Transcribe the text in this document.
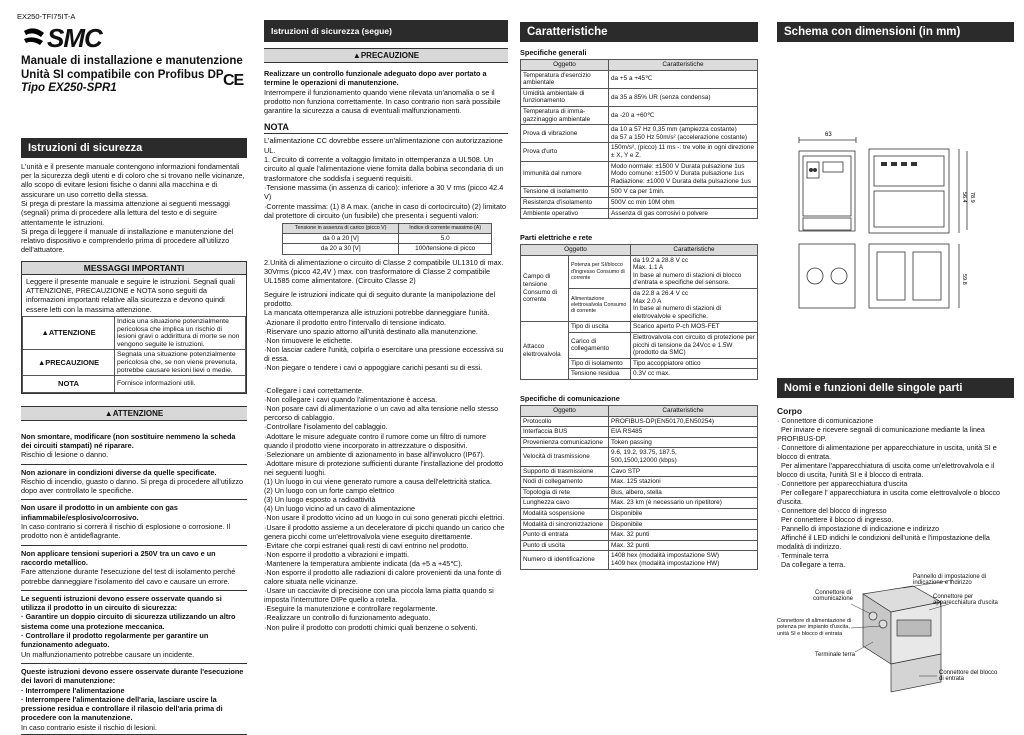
EX250-TFI75IT-A
SMC
Manuale di installazione e manutenzione
Unità SI compatibile con Profibus DP
Tipo EX250-SPR1	CE
Istruzioni di sicurezza

L'unità e il presente manuale contengono informazioni fondamentali per la sicurezza degli utenti e di coloro che si trovano nelle vicinanze, allo scopo di evitare lesioni fisiche o danni alla macchina e di assicurare un uso corretto della stessa.

Si prega di prestare la massima attenzione ai seguenti messaggi (segnali) prima di procedere alla lettura del testo e di seguire attentamente le istruzioni.

Si prega di leggere il manuale di installazione e manutenzione del relativo dispositivo e comprenderlo prima di procedere all'utilizzo dell'attuatore.

MESSAGGI IMPORTANTI

Leggere il presente manuale e seguire le istruzioni. Segnali quali ATTENZIONE, PRECAUZIONE e NOTA sono seguiti da informazioni importanti relative alla sicurezza e devono quindi essere letti con la massima attenzione.

▲ATTENZIONE	Indica una situazione potenzialmente pericolosa che implica un rischio di lesioni gravi o addirittura di morte se non vengono seguite le istruzioni.
▲PRECAUZIONE	Segnala una situazione potenzialmente pericolosa che, se non viene prevenuta, potrebbe causare lesioni lievi o medie.
NOTA	Fornisce informazioni utili.
▲ATTENZIONE

Non smontare, modificare (non sostituire nemmeno la scheda dei circuiti stampati) né riparare.

Rischio di lesione o danno.

Non azionare in condizioni diverse da quelle specificate.

Rischio di incendio, guasto o danno. Si prega di procedere all'utilizzo dopo aver controllato le specifiche.

Non usare il prodotto in un ambiente con gas infiammabile/esplosivo/corrosivo.

In caso contrario si correrà il rischio di esplosione o corrosione. Il prodotto non è antideflagrante.

Non applicare tensioni superiori a 250V tra un cavo e un raccordo metallico.

Fare attenzione durante l'esecuzione del test di isolamento perché potrebbe danneggiare l'isolamento del cavo e causare un errore.

Le seguenti istruzioni devono essere osservate quando si utilizza il prodotto in un circuito di sicurezza:

· Garantire un doppio circuito di sicurezza utilizzando un altro sistema come una protezione meccanica.

· Controllare il prodotto regolarmente per garantire un funzionamento adeguato.

Un malfunzionamento potrebbe causare un incidente.

Queste istruzioni devono essere osservate durante l'esecuzione dei lavori di manutenzione:

· Interrompere l'alimentazione

· Interrompere l'alimentazione dell'aria, lasciare uscire la pressione residua e controllare il rilascio dell'aria prima di procedere con la manutenzione.

In caso contrario esiste il rischio di lesioni.

Istruzioni di sicurezza (segue)
▲PRECAUZIONE

Realizzare un controllo funzionale adeguato dopo aver portato a termine le operazioni di manutenzione.

Interrompere il funzionamento quando viene rilevata un'anomalia o se il prodotto non funziona correttamente. In caso contrario non sarà possibile garantire la sicurezza a causa di eventuali malfunzionamenti.

NOTA

L'alimentazione CC dovrebbe essere un'alimentazione con autorizzazione UL.

1. Circuito di corrente a voltaggio limitato in ottemperanza a UL508. Un circuito al quale l'alimentazione viene fornita dalla bobina secondaria di un trasformatore che soddisfa i seguenti requisiti.

·Tensione massima (in assenza di carico): inferiore a 30 V rms (picco 42.4 V)

·Corrente massima: (1) 8 A max. (anche in caso di cortocircuito) (2) limitato dal protettore di circuito (un fusibile) che presenta i seguenti valori:

Tensione in assenza di carico (picco V)	Indice di corrente massimo (A)
da 0 a 20 [V]	5.0
da 20 a 30 [V]	100/tensione di picco

2.Unità di alimentazione o circuito di Classe 2 compatibile UL1310 di max. 30Vrms (picco 42,4V ) max. con trasformatore di Classe 2 compatibile UL1585 come alimentatore. (Circuito Classe 2)

Seguire le istruzioni indicate qui di seguito durante la manipolazione del prodotto.

La mancata ottemperanza alle istruzioni potrebbe danneggiare l'unità.

·Azionare il prodotto entro l'intervallo di tensione indicato.
·Riservare uno spazio attorno all'unità destinato alla manutenzione.
·Non rimuovere le etichette.
·Non lasciar cadere l'unità, colpirla o esercitare una pressione eccessiva su di essa.
·Non piegare o tendere i cavi o appoggiare carichi pesanti su di essi.
·Collegare i cavi correttamente.
·Non collegare i cavi quando l'alimentazione è accesa.
·Non posare cavi di alimentazione o un cavo ad alta tensione nello stesso percorso di cablaggio.
·Controllare l'isolamento del cablaggio.
·Adottare le misure adeguate contro il rumore come un filtro di rumore quando il prodotto viene incorporato in attrezzature o dispositivi.
·Selezionare un ambiente di azionamento in base all'involucro (IP67).
·Adottare misure di protezione sufficienti durante l'installazione del prodotto nei seguenti luoghi.
(1) Un luogo in cui viene generato rumore a causa dell'elettricità statica.
(2) Un luogo con un forte campo elettrico
(3) Un luogo esposto a radioattività
(4) Un luogo vicino ad un cavo di alimentazione
·Non usare il prodotto vicino ad un luogo in cui sono generati picchi elettrici.
·Usare il prodotto assieme a un deceleratore di picchi quando un carico che genera picchi come un'elettrovalvola viene eseguito direttamente.
·Evitare che corpi estranei quali resti di cavi entrino nel prodotto.
·Non esporre il prodotto a vibrazioni e impatti.
·Mantenere la temperatura ambiente indicata (da +5 a +45℃).
·Non esporre il prodotto alle radiazioni di calore provenienti da una fonte di calore situata nelle vicinanze.
·Usare un cacciavite di precisione con una piccola lama piatta quando si imposta l'interruttore DIPe quello a rotella.
·Eseguire la manutenzione e controllare regolarmente.
·Realizzare un controllo di funzionamento adeguato.
·Non pulire il prodotto con prodotti chimici quali benzene o solventi.
Caratteristiche
Specifiche generali
Oggetto	Caratteristiche
Temperatura d'esercizio ambientale	da +5 a +45℃
Umidità ambientale di funzionamento	da 35 a 85% UR (senza condensa)
Temperatura di imma-gazzinaggio ambientale	da -20 a +60℃
Prova di vibrazione	da 10 a 57 Hz 0,35 mm (ampiezza costante)
da 57 a 150 Hz 50m/s² (accelerazione costante)
Prova d'urto	150m/s², (picco) 11 ms -: tre volte in ogni direzione ± X, Y e Z.
Immunità dal rumore	Modo normale: ±1500 V Durata pulsazione 1us
Modo comune: ±1500 V Durata pulsazione 1us
Radiazione: ±1000 V Durata della pulsazione 1us
Tensione di isolamento	500 V ca per 1min.
Resistenza d'isolamento	500V cc min 10M ohm
Ambiente operativo	Assenza di gas corrosivi o polvere
Parti elettriche e rete
Oggetto		Caratteristiche
Campo di tensione Consumo di corrente	Potenza per SI/blocco d'ingresso Consumo di corrente	da 19.2 a 28.8 V cc
Max. 1.1 A
In base al numero di stazioni di blocco d'entrata e specifiche del sensore.
	Alimentazione elettrovalvola Consumo di corrente	da 22.8 a 26.4 V cc
Max 2.0 A
In base al numero di stazioni di elettrovalvole e specifiche.
Attacco elettrovalvola	Tipo di uscita	Scarico aperto P-ch MOS-FET
	Carico di collegamento	Elettrovalvola con circuito di protezione per picchi di tensione da 24Vcc e 1.5W (prodotto da SMC)
	Tipo di isolamento	Tipo accoppiatore ottico
	Tensione residua	0.3V cc max.
Specifiche di comunicazione
Oggetto	Caratteristiche
Protocollo	PROFIBUS-DP(EN50170,EN50254)
Interfaccia BUS	EIA RS485
Provenienza comunicazione	Token passing
Velocità di trasmissione	9.6, 19.2, 93.75, 187.5,
500,1500,12000 (kbps)
Supporto di trasmissione	Cavo STP
Nodi di collegamento	Max. 125 stazioni
Topologia di rete	Bus, albero, stella
Lunghezza cavo	Max. 23 km (è necessario un ripetitore)
Modalità sospensione	Disponibile
Modalità di sincronizzazione	Disponibile
Punto di entrata	Max. 32 punti
Punto di uscita	Max. 32 punti
Numero di identificazione	1408 hex (modalità impostazione SW)
1409 hex (modalità impostazione HW)
Schema con dimensioni (in mm)
63
56.4 78.9
59.8
Nomi e funzioni delle singole parti
Corpo

· Connettore di comunicazione

Per inviare e ricevere segnali di comunicazione mediante la linea PROFIBUS-DP.

· Connettore di alimentazione per apparecchiature in uscita, unità SI e blocco di entrata.

Per alimentare l'apparecchiatura di uscita come un'elettrovalvola e il blocco di uscita, l'unità SI e il blocco di entrata.

· Connettore per apparecchiatura d'uscita

Per collegare l' apparecchiatura in uscita come elettrovalvole o blocco d'uscita.

· Connettore del blocco di ingresso

Per connettere il blocco di ingresso.

· Pannello di impostazione di indicazione e indirizzo

Affinché il LED indichi le condizioni dell'unità e l'impostazione della modalità di indirizzo.

· Terminale terra

Da collegare a terra.

Pannello di impostazione di indicazione e indirizzo
Connettore di comunicazione	Connettore per apparecchiatura d'uscita
Connettore di alimentazione di potenza per impianto d'uscita, unità SI e blocco di entrata
Terminale terra
Connettore del blocco di entrata
